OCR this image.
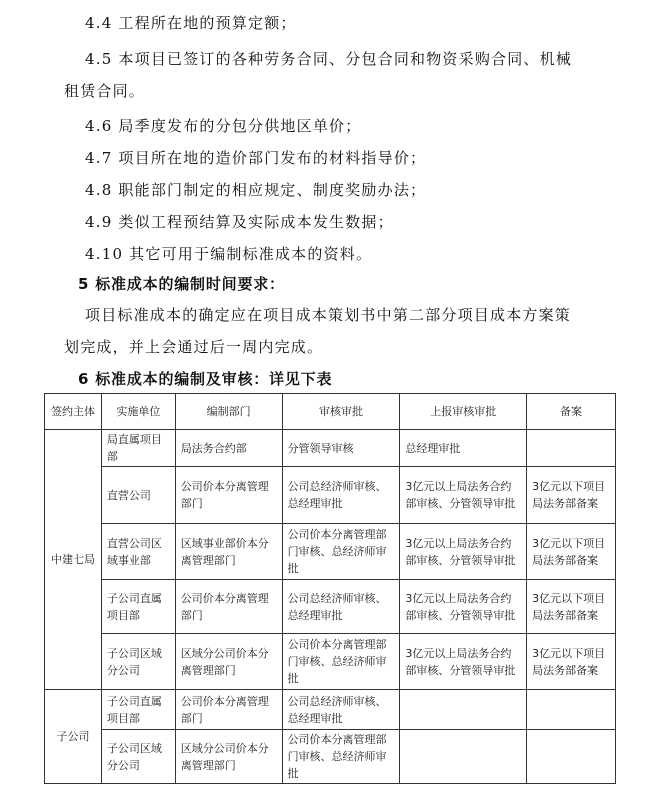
4.4 工程所在地的预算定额；
4.5 本项目已签订的各种劳务合同、分包合同和物资采购合同、机械
租赁合同。
4.6 局季度发布的分包分供地区单价；
4.7 项目所在地的造价部门发布的材料指导价；
4.8 职能部门制定的相应规定、制度奖励办法；
4.9 类似工程预结算及实际成本发生数据；
4.10 其它可用于编制标准成本的资料。
5 标准成本的编制时间要求：
项目标准成本的确定应在项目成本策划书中第二部分项目成本方案策
划完成，并上会通过后一周内完成。
6 标准成本的编制及审核：详见下表
签约主体	实施单位	编制部门	审核审批	上报审核审批	备案

中建七局	局直属项目部	局法务合约部	分管领导审核	总经理审批	

	直营公司	公司价本分离管理部门	公司总经济师审核、总经理审批	3亿元以上局法务合约部审核、分管领导审批	3亿元以下项目局法务部备案

	直营公司区域事业部	区域事业部价本分离管理部门	公司价本分离管理部门审核、总经济师审批	3亿元以上局法务合约部审核、分管领导审批	3亿元以下项目局法务部备案

	子公司直属项目部	公司价本分离管理部门	公司总经济师审核、总经理审批	3亿元以上局法务合约部审核、分管领导审批	3亿元以下项目局法务部备案

	子公司区域分公司	区域分公司价本分离管理部门	公司价本分离管理部门审核、总经济师审批	3亿元以上局法务合约部审核、分管领导审批	3亿元以下项目局法务部备案

子公司	子公司直属项目部	公司价本分离管理部门	公司总经济师审核、总经理审批		

	子公司区域分公司	区域分公司价本分离管理部门	公司价本分离管理部门审核、总经济师审批		
